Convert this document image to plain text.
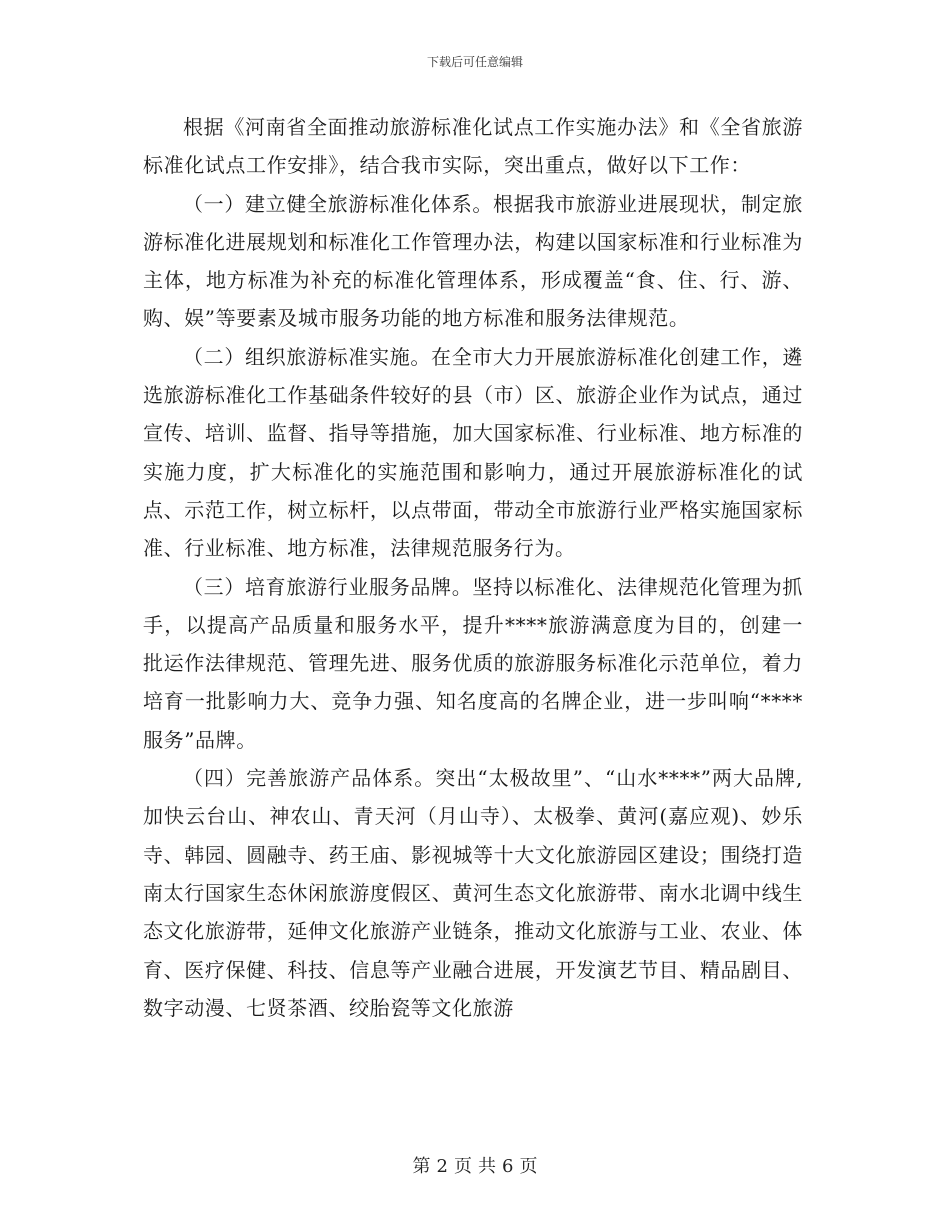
下载后可任意编辑

根据《河南省全面推动旅游标准化试点工作实施办法》和《全省旅游标准化试点工作安排》，结合我市实际，突出重点，做好以下工作：

（一）建立健全旅游标准化体系。根据我市旅游业进展现状，制定旅游标准化进展规划和标准化工作管理办法，构建以国家标准和行业标准为主体，地方标准为补充的标准化管理体系，形成覆盖“食、住、行、游、购、娱”等要素及城市服务功能的地方标准和服务法律规范。

（二）组织旅游标准实施。在全市大力开展旅游标准化创建工作，遴选旅游标准化工作基础条件较好的县（市）区、旅游企业作为试点，通过宣传、培训、监督、指导等措施，加大国家标准、行业标准、地方标准的实施力度，扩大标准化的实施范围和影响力，通过开展旅游标准化的试点、示范工作，树立标杆，以点带面，带动全市旅游行业严格实施国家标准、行业标准、地方标准，法律规范服务行为。

（三）培育旅游行业服务品牌。坚持以标准化、法律规范化管理为抓手，以提高产品质量和服务水平，提升****旅游满意度为目的，创建一批运作法律规范、管理先进、服务优质的旅游服务标准化示范单位，着力培育一批影响力大、竞争力强、知名度高的名牌企业，进一步叫响“****服务”品牌。

（四）完善旅游产品体系。突出“太极故里”、“山水****”两大品牌,加快云台山、神农山、青天河（月山寺）、太极拳、黄河(嘉应观)、妙乐寺、韩园、圆融寺、药王庙、影视城等十大文化旅游园区建设；围绕打造南太行国家生态休闲旅游度假区、黄河生态文化旅游带、南水北调中线生态文化旅游带，延伸文化旅游产业链条，推动文化旅游与工业、农业、体育、医疗保健、科技、信息等产业融合进展，开发演艺节目、精品剧目、数字动漫、七贤茶酒、绞胎瓷等文化旅游

第 2 页 共 6 页
